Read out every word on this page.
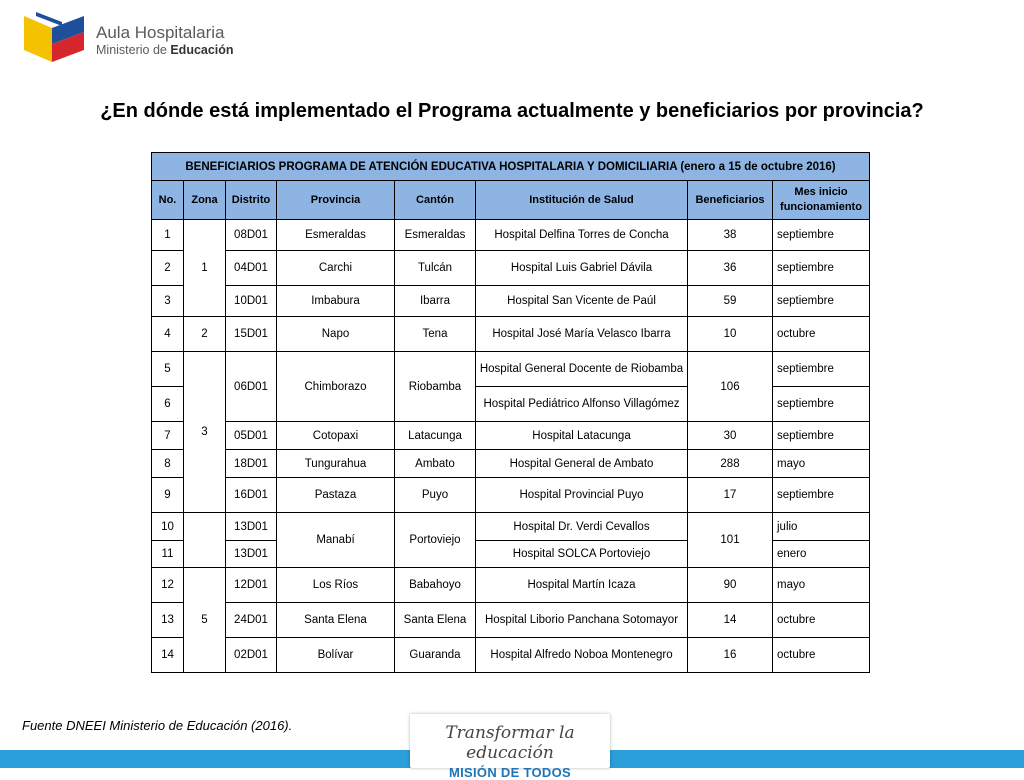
Aula Hospitalaria
Ministerio de Educación
¿En dónde está implementado el Programa actualmente y beneficiarios por provincia?
BENEFICIARIOS PROGRAMA DE ATENCIÓN EDUCATIVA HOSPITALARIA Y DOMICILIARIA (enero a 15 de octubre 2016)							
No.	Zona	Distrito	Provincia	Cantón	Institución de Salud	Beneficiarios	Mes inicio funcionamiento
1	1	08D01	Esmeraldas	Esmeraldas	Hospital Delfina Torres de Concha	38	septiembre
2		04D01	Carchi	Tulcán	Hospital Luis Gabriel Dávila	36	septiembre
3		10D01	Imbabura	Ibarra	Hospital San Vicente de Paúl	59	septiembre
4	2	15D01	Napo	Tena	Hospital José María Velasco Ibarra	10	octubre
5	3	06D01	Chimborazo	Riobamba	Hospital General Docente de Riobamba	106	septiembre
6					Hospital Pediátrico Alfonso Villagómez		septiembre
7		05D01	Cotopaxi	Latacunga	Hospital Latacunga	30	septiembre
8		18D01	Tungurahua	Ambato	Hospital General de Ambato	288	mayo
9		16D01	Pastaza	Puyo	Hospital Provincial Puyo	17	septiembre
10		13D01	Manabí	Portoviejo	Hospital Dr. Verdi Cevallos	101	julio
11		13D01			Hospital SOLCA Portoviejo		enero
12	5	12D01	Los Ríos	Babahoyo	Hospital Martín Icaza	90	mayo
13		24D01	Santa Elena	Santa Elena	Hospital Liborio Panchana Sotomayor	14	octubre
14		02D01	Bolívar	Guaranda	Hospital Alfredo Noboa Montenegro	16	octubre
Fuente DNEEI Ministerio de Educación (2016).	Transformar la educación
MISIÓN DE TODOS
